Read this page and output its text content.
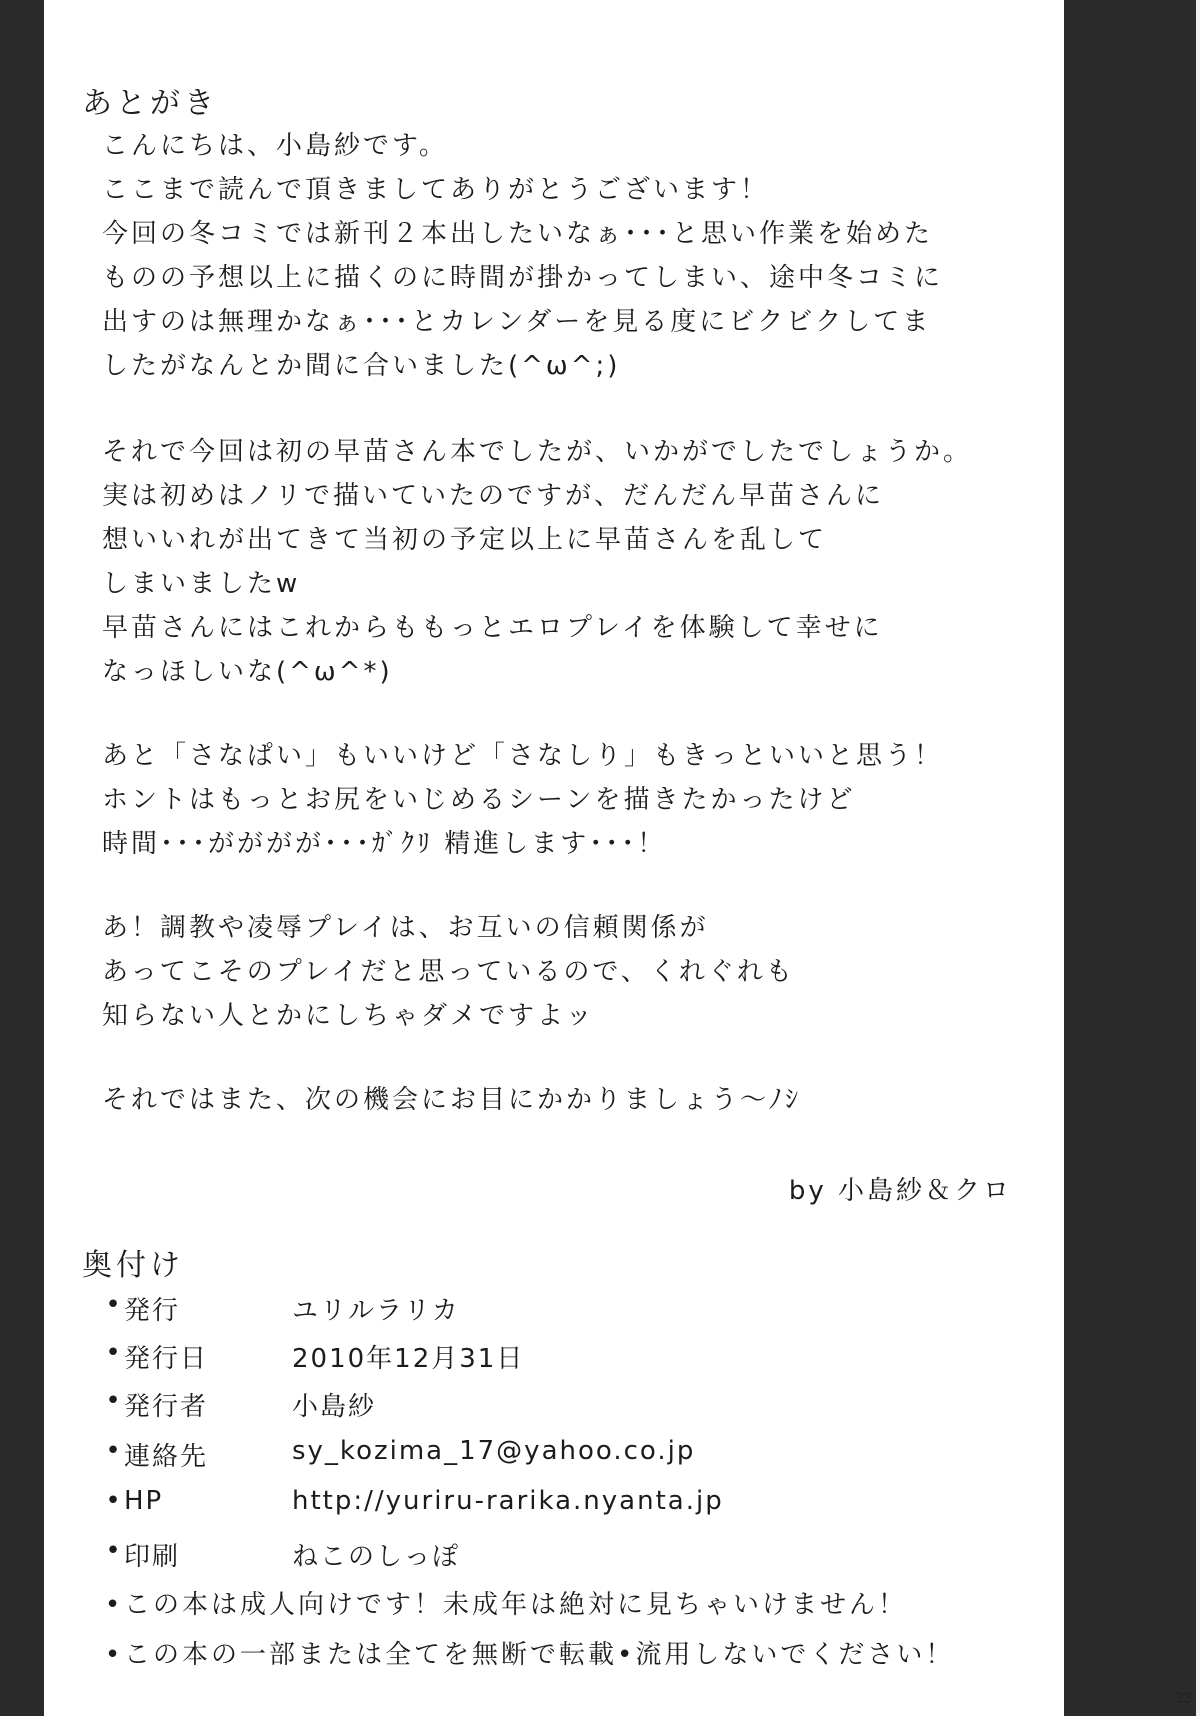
あとがき
こんにちは、小島紗です。
ここまで読んで頂きましてありがとうございます！
今回の冬コミでは新刊２本出したいなぁ･･･と思い作業を始めた
ものの予想以上に描くのに時間が掛かってしまい、途中冬コミに
出すのは無理かなぁ･･･とカレンダーを見る度にビクビクしてま
したがなんとか間に合いました(^ω^;)
それで今回は初の早苗さん本でしたが、いかがでしたでしょうか。
実は初めはノリで描いていたのですが、だんだん早苗さんに
想いいれが出てきて当初の予定以上に早苗さんを乱して
しまいましたw
早苗さんにはこれからももっとエロプレイを体験して幸せに
なっほしいな(^ω^*)
あと「さなぱい」もいいけど「さなしり」もきっといいと思う！
ホントはもっとお尻をいじめるシーンを描きたかったけど
時間･･･がががが･･･ｶﾞｸﾘ 精進します･･･！
あ！調教や凌辱プレイは、お互いの信頼関係が
あってこそのプレイだと思っているので、くれぐれも
知らない人とかにしちゃダメですよッ
それではまた、次の機会にお目にかかりましょう～ﾉｼ
by 小島紗＆クロ
奥付け
• 発行	ユリルラリカ
• 発行日	2010年12月31日
• 発行者	小島紗
• 連絡先	sy_kozima_17@yahoo.co.jp
• HP	http://yuriru-rarika.nyanta.jp
• 印刷	ねこのしっぽ
•この本は成人向けです！未成年は絶対に見ちゃいけません！
•この本の一部または全てを無断で転載•流用しないでください！
33
